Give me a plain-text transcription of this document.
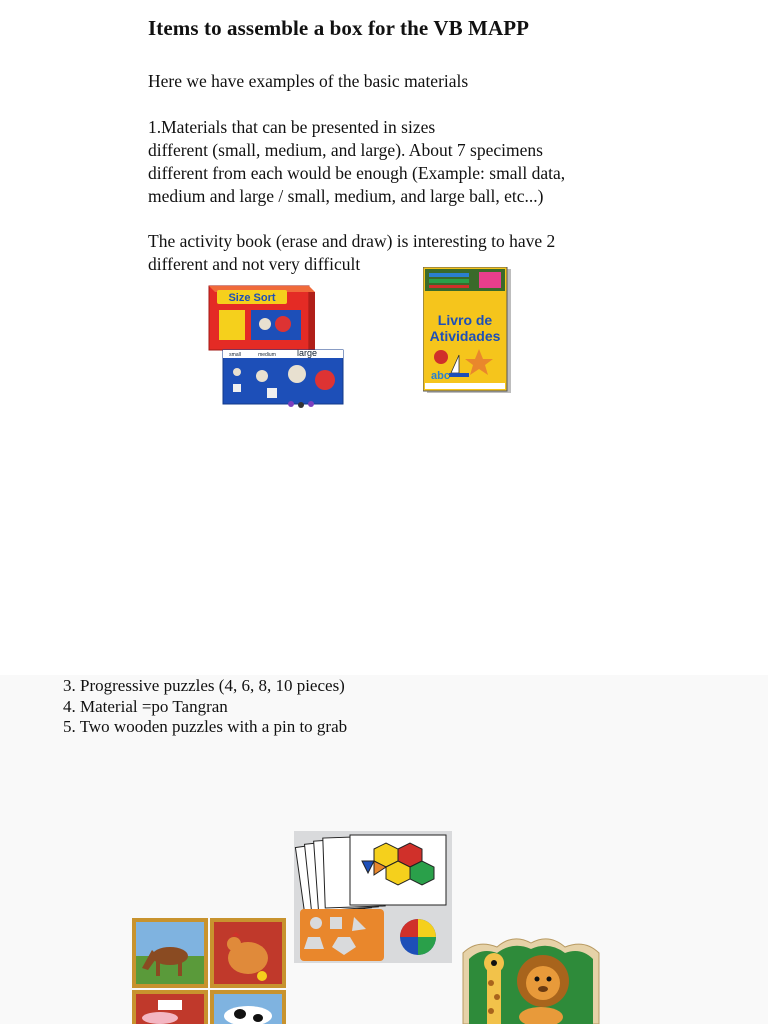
Items to assemble a box for the VB MAPP

Here we have examples of the basic materials

1.Materials that can be presented in sizes
different (small, medium, and large). About 7 specimens
different from each would be enough (Example: small data,
medium and large / small, medium, and large ball, etc...)

The activity book (erase and draw) is interesting to have 2
different and not very difficult

Size Sort
small	medium large
Livro de
Atividades
abc
3. Progressive puzzles (4, 6, 8, 10 pieces)
4. Material =po Tangran
5. Two wooden puzzles with a pin to grab
